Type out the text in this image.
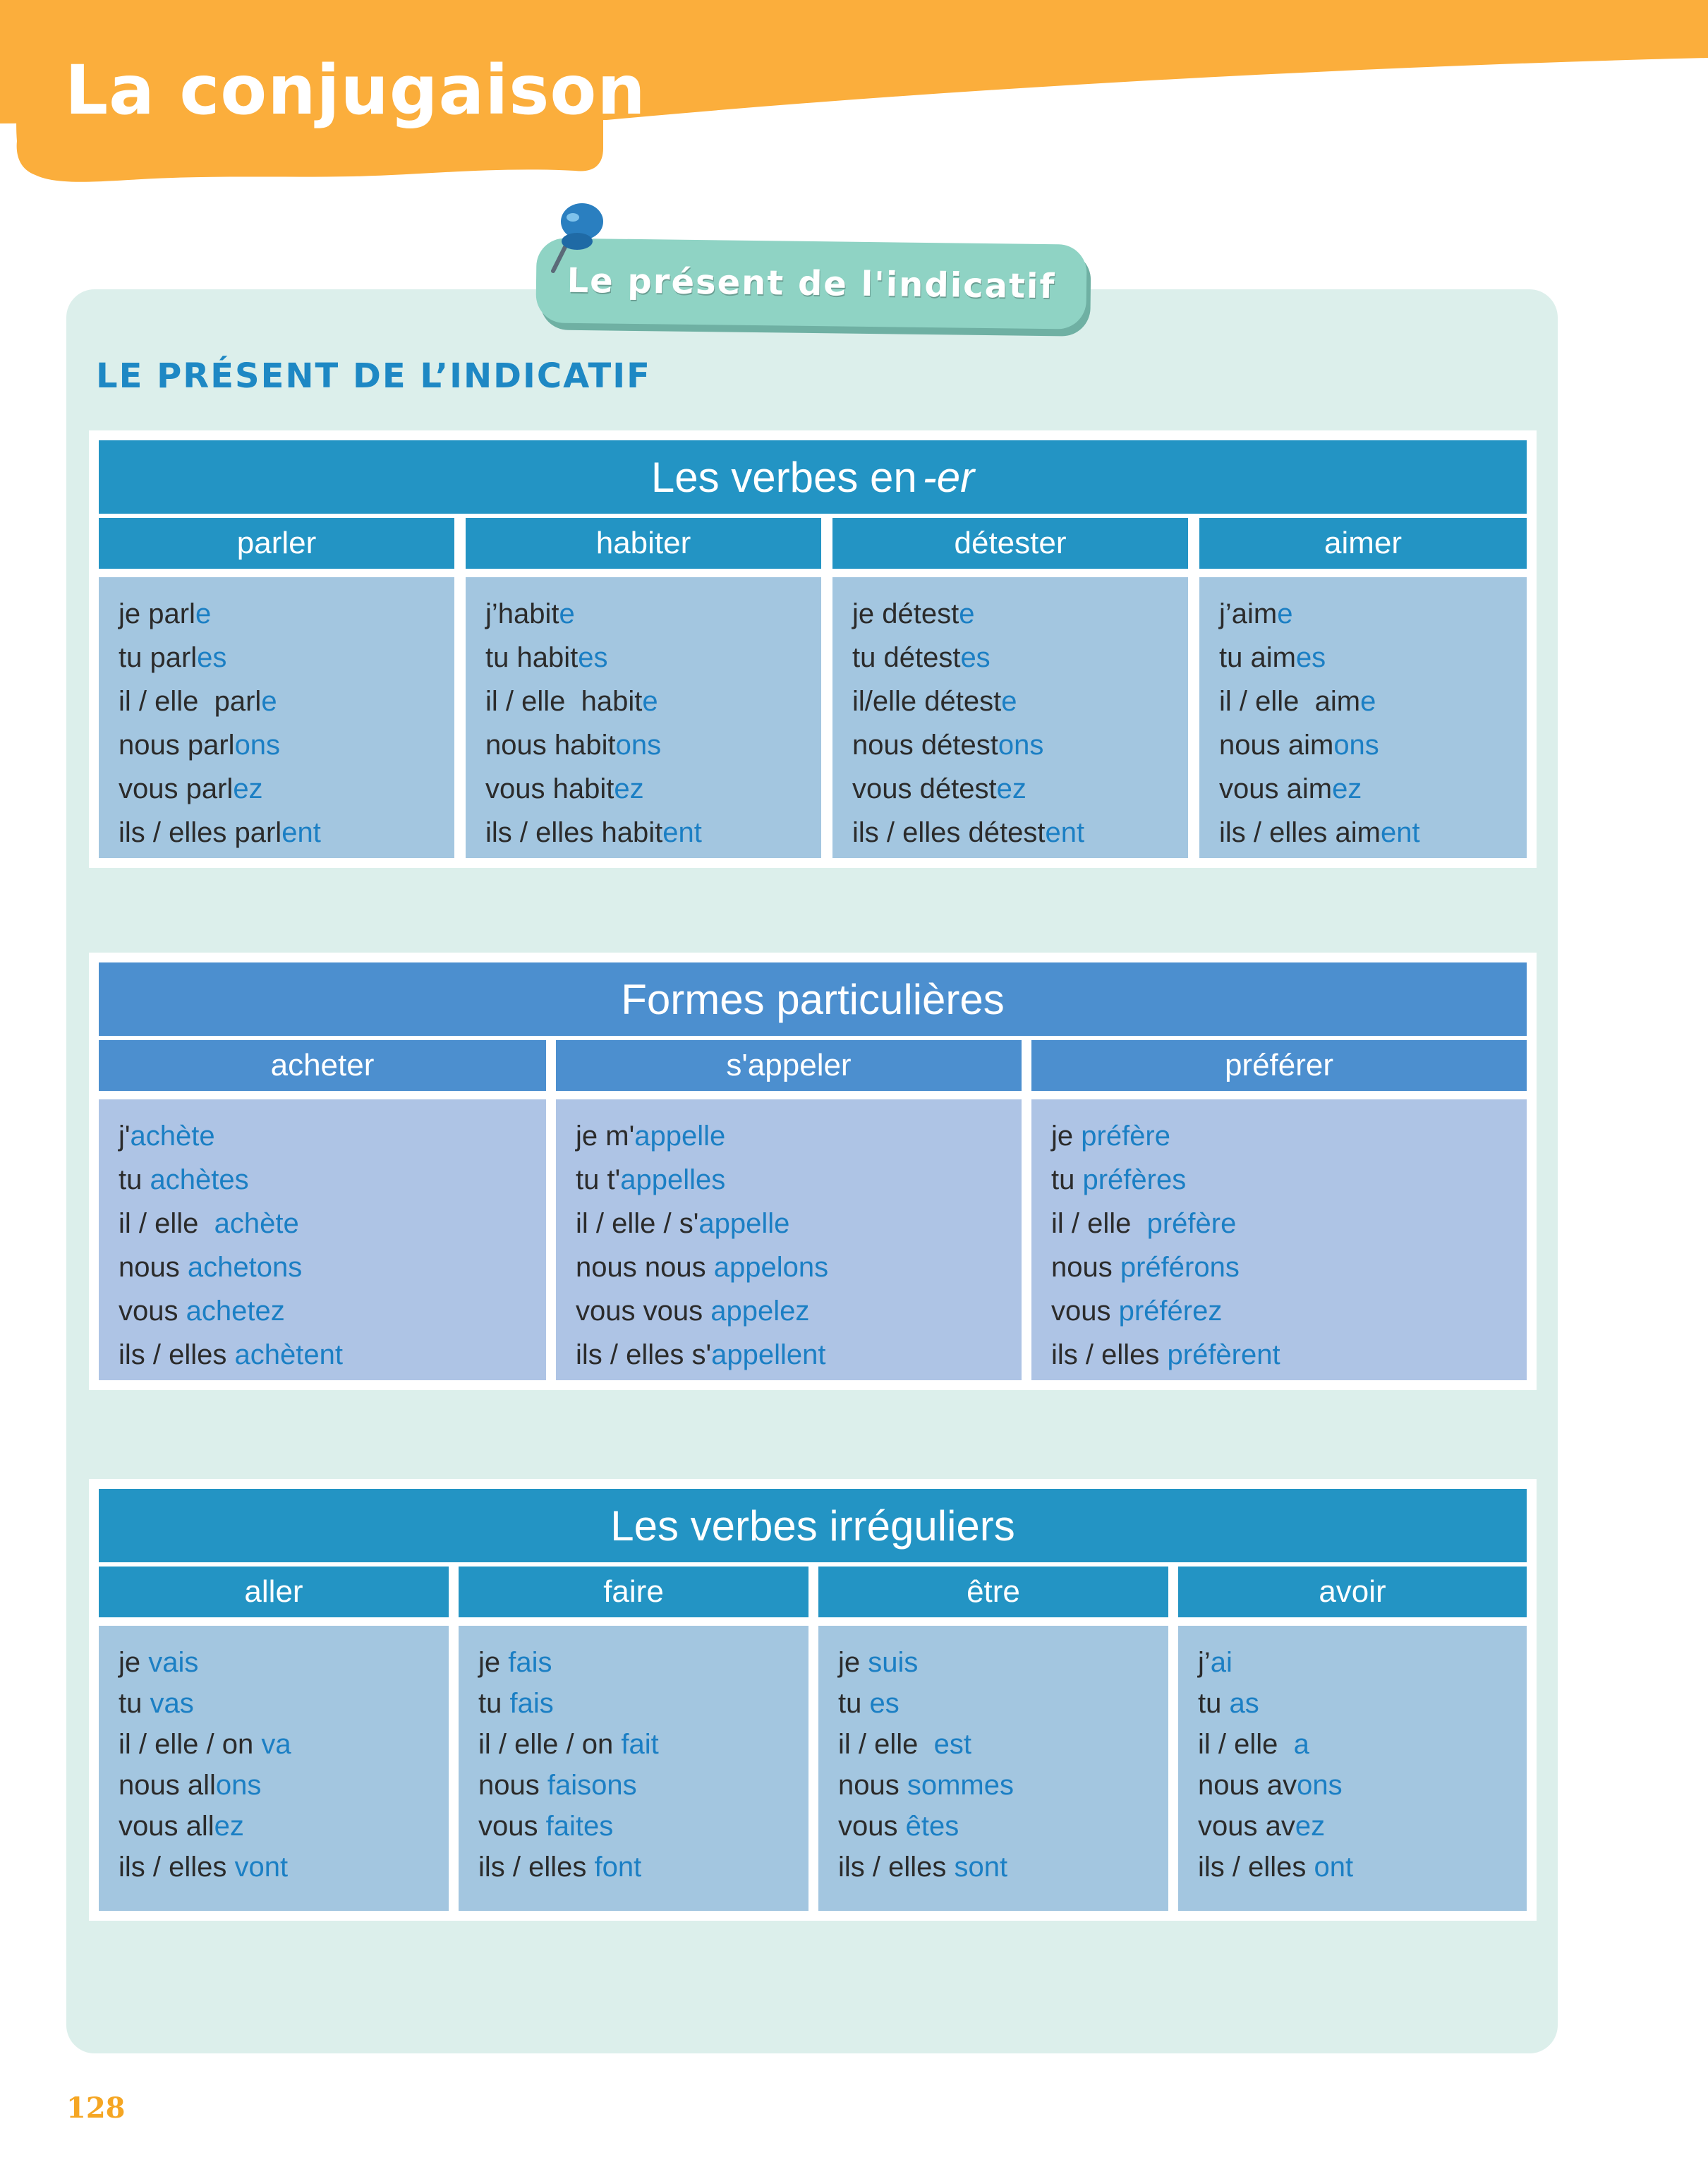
La conjugaison
Le présent de l'indicatif
LE PRÉSENT DE L’INDICATIF
Les verbes en -er
parler
je parle
tu parles
il / elle  parle
nous parlons
vous parlez
ils / elles parlent
habiter
j’habite
tu habites
il / elle  habite
nous habitons
vous habitez
ils / elles habitent
détester
je déteste
tu détestes
il/elle déteste
nous détestons
vous détestez
ils / elles détestent
aimer
j’aime
tu aimes
il / elle  aime
nous aimons
vous aimez
ils / elles aiment
Formes particulières
acheter
j'achète
tu achètes
il / elle  achète
nous achetons
vous achetez
ils / elles achètent
s'appeler
je m'appelle
tu t'appelles
il / elle / s'appelle
nous nous appelons
vous vous appelez
ils / elles s'appellent
préférer
je préfère
tu préfères
il / elle  préfère
nous préférons
vous préférez
ils / elles préfèrent
Les verbes irréguliers
aller
je vais
tu vas
il / elle / on va
nous allons
vous allez
ils / elles vont
faire
je fais
tu fais
il / elle / on fait
nous faisons
vous faites
ils / elles font
être
je suis
tu es
il / elle  est
nous sommes
vous êtes
ils / elles sont
avoir
j’ai
tu as
il / elle  a
nous avons
vous avez
ils / elles ont
128
